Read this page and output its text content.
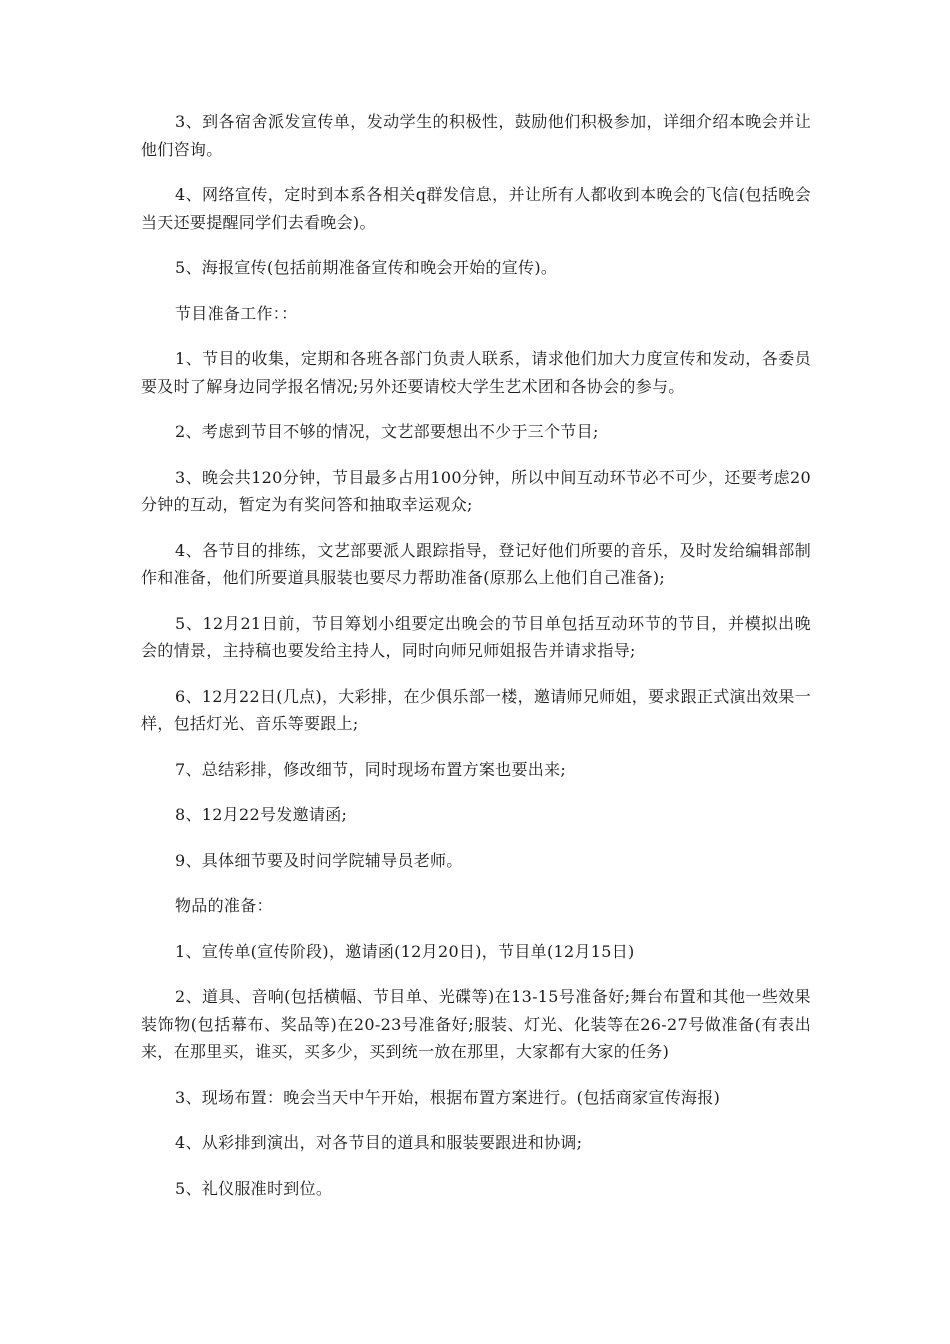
3、到各宿舍派发宣传单，发动学生的积极性，鼓励他们积极参加，详细介绍本晚会并让他们咨询。

4、网络宣传，定时到本系各相关q群发信息，并让所有人都收到本晚会的飞信(包括晚会当天还要提醒同学们去看晚会)。

5、海报宣传(包括前期准备宣传和晚会开始的宣传)。

节目准备工作：：

1、节目的收集，定期和各班各部门负责人联系，请求他们加大力度宣传和发动，各委员要及时了解身边同学报名情况;另外还要请校大学生艺术团和各协会的参与。

2、考虑到节目不够的情况，文艺部要想出不少于三个节目;

3、晚会共120分钟，节目最多占用100分钟，所以中间互动环节必不可少，还要考虑20分钟的互动，暂定为有奖问答和抽取幸运观众;

4、各节目的排练，文艺部要派人跟踪指导，登记好他们所要的音乐，及时发给编辑部制作和准备，他们所要道具服装也要尽力帮助准备(原那么上他们自己准备);

5、12月21日前，节目筹划小组要定出晚会的节目单包括互动环节的节目，并模拟出晚会的情景，主持稿也要发给主持人，同时向师兄师姐报告并请求指导;

6、12月22日(几点)，大彩排，在少俱乐部一楼，邀请师兄师姐，要求跟正式演出效果一样，包括灯光、音乐等要跟上;

7、总结彩排，修改细节，同时现场布置方案也要出来;

8、12月22号发邀请函;

9、具体细节要及时问学院辅导员老师。

物品的准备：

1、宣传单(宣传阶段)，邀请函(12月20日)，节目单(12月15日)

2、道具、音响(包括横幅、节目单、光碟等)在13-15号准备好;舞台布置和其他一些效果装饰物(包括幕布、奖品等)在20-23号准备好;服装、灯光、化装等在26-27号做准备(有表出来，在那里买，谁买，买多少，买到统一放在那里，大家都有大家的任务)

3、现场布置：晚会当天中午开始，根据布置方案进行。(包括商家宣传海报)

4、从彩排到演出，对各节目的道具和服装要跟进和协调;

5、礼仪服准时到位。
